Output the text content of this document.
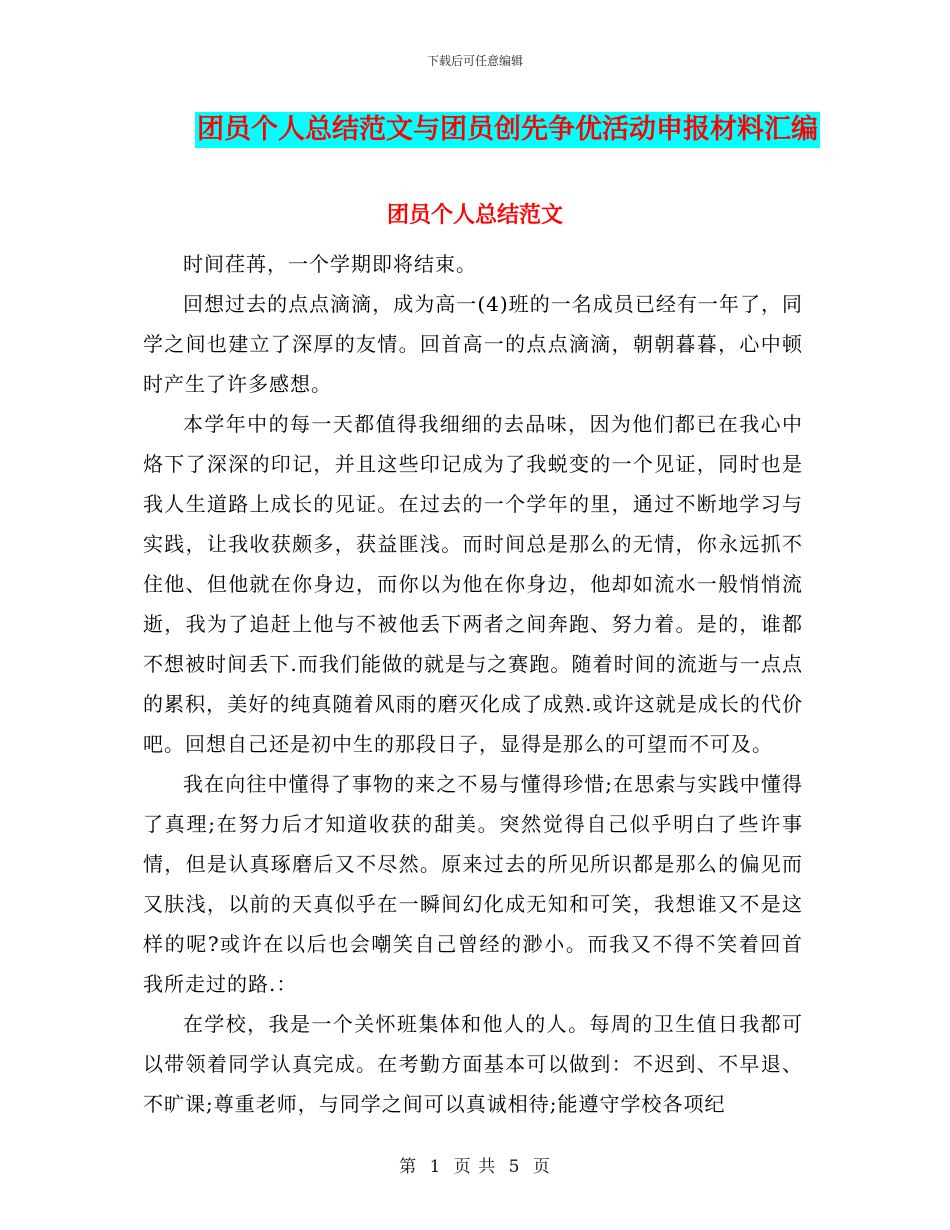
下载后可任意编辑
团员个人总结范文与团员创先争优活动申报材料汇编
团员个人总结范文

时间荏苒，一个学期即将结束。

回想过去的点点滴滴，成为高一(4)班的一名成员已经有一年了，同学之间也建立了深厚的友情。回首高一的点点滴滴，朝朝暮暮，心中顿时产生了许多感想。

本学年中的每一天都值得我细细的去品味，因为他们都已在我心中烙下了深深的印记，并且这些印记成为了我蜕变的一个见证，同时也是我人生道路上成长的见证。在过去的一个学年的里，通过不断地学习与实践，让我收获颇多，获益匪浅。而时间总是那么的无情，你永远抓不住他、但他就在你身边，而你以为他在你身边，他却如流水一般悄悄流逝，我为了追赶上他与不被他丢下两者之间奔跑、努力着。是的，谁都不想被时间丢下.而我们能做的就是与之赛跑。随着时间的流逝与一点点的累积，美好的纯真随着风雨的磨灭化成了成熟.或许这就是成长的代价吧。回想自己还是初中生的那段日子，显得是那么的可望而不可及。

我在向往中懂得了事物的来之不易与懂得珍惜;在思索与实践中懂得了真理;在努力后才知道收获的甜美。突然觉得自己似乎明白了些许事情，但是认真琢磨后又不尽然。原来过去的所见所识都是那么的偏见而又肤浅，以前的天真似乎在一瞬间幻化成无知和可笑，我想谁又不是这样的呢?或许在以后也会嘲笑自己曾经的渺小。而我又不得不笑着回首我所走过的路.：

在学校，我是一个关怀班集体和他人的人。每周的卫生值日我都可以带领着同学认真完成。在考勤方面基本可以做到：不迟到、不早退、不旷课;尊重老师，与同学之间可以真诚相待;能遵守学校各项纪

第 1 页 共 5 页
